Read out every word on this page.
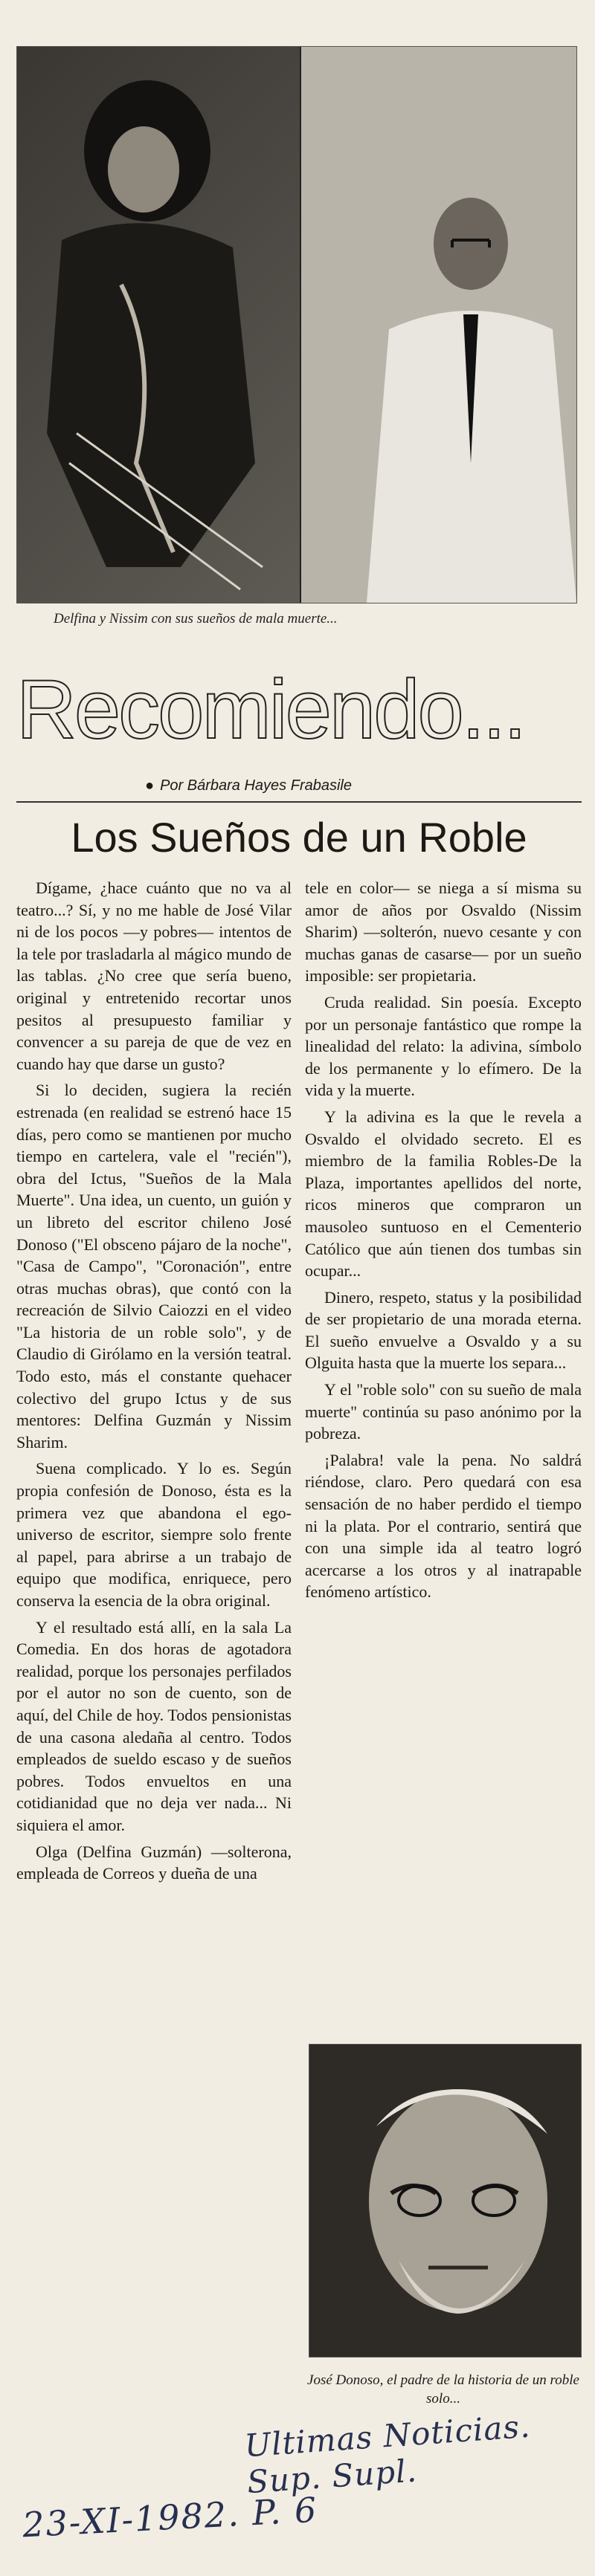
Delfina y Nissim con sus sueños de mala muerte...
Recomiendo...
● Por Bárbara Hayes Frabasile
Los Sueños de un Roble

Dígame, ¿hace cuánto que no va al teatro...? Sí, y no me hable de José Vilar ni de los pocos —y pobres— intentos de la tele por trasladarla al mágico mundo de las tablas. ¿No cree que sería bueno, original y entretenido recortar unos pesitos al presupuesto familiar y convencer a su pareja de que de vez en cuando hay que darse un gusto?

Si lo deciden, sugiera la recién estrenada (en realidad se estrenó hace 15 días, pero como se mantienen por mucho tiempo en cartelera, vale el "recién"), obra del Ictus, "Sueños de la Mala Muerte". Una idea, un cuento, un guión y un libreto del escritor chileno José Donoso ("El obsceno pájaro de la noche", "Casa de Campo", "Coronación", entre otras muchas obras), que contó con la recreación de Silvio Caiozzi en el video "La historia de un roble solo", y de Claudio di Girólamo en la versión teatral. Todo esto, más el constante quehacer colectivo del grupo Ictus y de sus mentores: Delfina Guzmán y Nissim Sharim.

Suena complicado. Y lo es. Según propia confesión de Donoso, ésta es la primera vez que abandona el ego-universo de escritor, siempre solo frente al papel, para abrirse a un trabajo de equipo que modifica, enriquece, pero conserva la esencia de la obra original.

Y el resultado está allí, en la sala La Comedia. En dos horas de agotadora realidad, porque los personajes perfilados por el autor no son de cuento, son de aquí, del Chile de hoy. Todos pensionistas de una casona aledaña al centro. Todos empleados de sueldo escaso y de sueños pobres. Todos envueltos en una cotidianidad que no deja ver nada... Ni siquiera el amor.

Olga (Delfina Guzmán) —solterona, empleada de Correos y dueña de una

tele en color— se niega a sí misma su amor de años por Osvaldo (Nissim Sharim) —solterón, nuevo cesante y con muchas ganas de casarse— por un sueño imposible: ser propietaria.

Cruda realidad. Sin poesía. Excepto por un personaje fantástico que rompe la linealidad del relato: la adivina, símbolo de los permanente y lo efímero. De la vida y la muerte.

Y la adivina es la que le revela a Osvaldo el olvidado secreto. El es miembro de la familia Robles-De la Plaza, importantes apellidos del norte, ricos mineros que compraron un mausoleo suntuoso en el Cementerio Católico que aún tienen dos tumbas sin ocupar...

Dinero, respeto, status y la posibilidad de ser propietario de una morada eterna. El sueño envuelve a Osvaldo y a su Olguita hasta que la muerte los separa...

Y el "roble solo" con su sueño de mala muerte" continúa su paso anónimo por la pobreza.

¡Palabra! vale la pena. No saldrá riéndose, claro. Pero quedará con esa sensación de no haber perdido el tiempo ni la plata. Por el contrario, sentirá que con una simple ida al teatro logró acercarse a los otros y al inatrapable fenómeno artístico.

José Donoso, el padre de la historia de un roble solo...
Ultimas Noticias. Sup. Supl.
23-XI-1982. P. 6
